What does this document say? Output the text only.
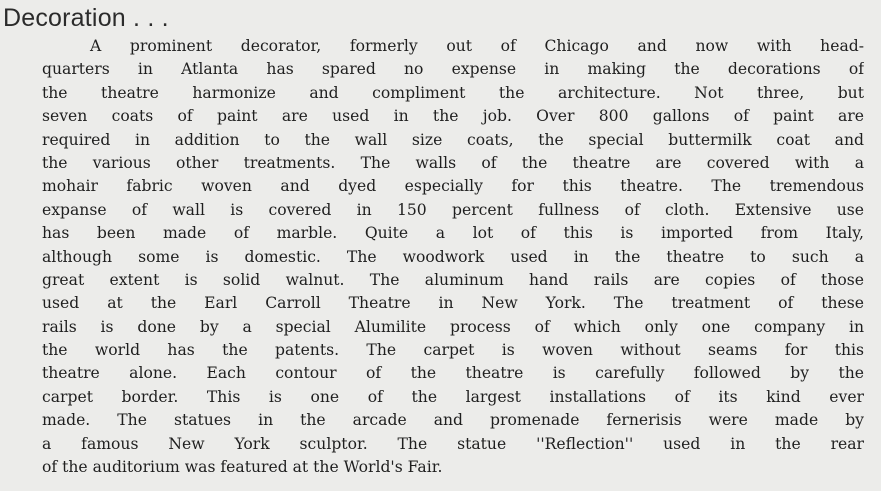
Decoration . . .
A prominent decorator, formerly out of Chicago and now with head-
quarters in Atlanta has spared no expense in making the decorations of
the theatre harmonize and compliment the architecture. Not three, but
seven coats of paint are used in the job. Over 800 gallons of paint are
required in addition to the wall size coats, the special buttermilk coat and
the various other treatments. The walls of the theatre are covered with a
mohair fabric woven and dyed especially for this theatre. The tremendous
expanse of wall is covered in 150 percent fullness of cloth. Extensive use
has been made of marble. Quite a lot of this is imported from Italy,
although some is domestic. The woodwork used in the theatre to such a
great extent is solid walnut. The aluminum hand rails are copies of those
used at the Earl Carroll Theatre in New York. The treatment of these
rails is done by a special Alumilite process of which only one company in
the world has the patents. The carpet is woven without seams for this
theatre alone. Each contour of the theatre is carefully followed by the
carpet border. This is one of the largest installations of its kind ever
made. The statues in the arcade and promenade fernerisis were made by
a famous New York sculptor. The statue ''Reflection'' used in the rear
of the auditorium was featured at the World's Fair.
